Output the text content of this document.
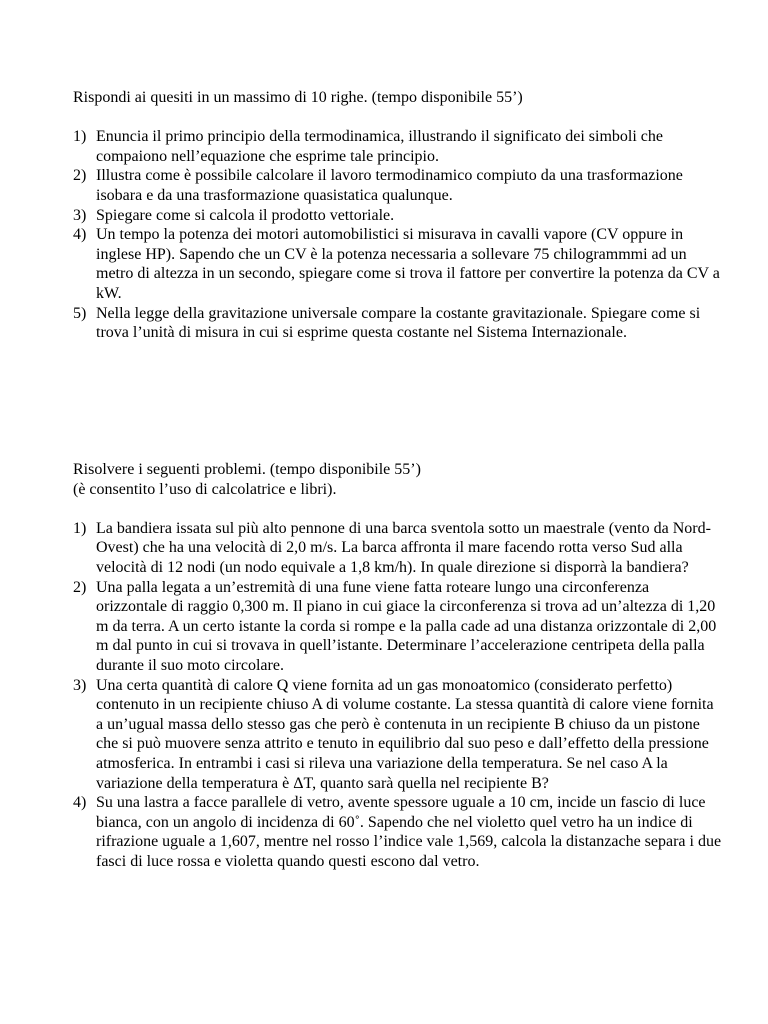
Rispondi ai quesiti in un massimo di 10 righe. (tempo disponibile 55’)

1) Enuncia il primo principio della termodinamica, illustrando il significato dei simboli che compaiono nell’equazione che esprime tale principio.
2) Illustra come è possibile calcolare il lavoro termodinamico compiuto da una trasformazione isobara e da una trasformazione quasistatica qualunque.
3) Spiegare come si calcola il prodotto vettoriale.
4) Un tempo la potenza dei motori automobilistici si misurava in cavalli vapore (CV oppure in inglese HP). Sapendo che un CV è la potenza necessaria a sollevare 75 chilogrammmi ad un metro di altezza in un secondo, spiegare come si trova il fattore per convertire la potenza da CV a kW.
5) Nella legge della gravitazione universale compare la costante gravitazionale. Spiegare come si trova l’unità di misura in cui si esprime questa costante nel Sistema Internazionale.

Risolvere i seguenti problemi. (tempo disponibile 55’)

(è consentito l’uso di calcolatrice e libri).

1) La bandiera issata sul più alto pennone di una barca sventola sotto un maestrale (vento da Nord-Ovest) che ha una velocità di 2,0 m/s. La barca affronta il mare facendo rotta verso Sud alla velocità di 12 nodi (un nodo equivale a 1,8 km/h). In quale direzione si disporrà la bandiera?
2) Una palla legata a un’estremità di una fune viene fatta roteare lungo una circonferenza orizzontale di raggio 0,300 m. Il piano in cui giace la circonferenza si trova ad un’altezza di 1,20 m da terra. A un certo istante la corda si rompe e la palla cade ad una distanza orizzontale di 2,00 m dal punto in cui si trovava in quell’istante. Determinare l’accelerazione centripeta della palla durante il suo moto circolare.
3) Una certa quantità di calore Q viene fornita ad un gas monoatomico (considerato perfetto) contenuto in un recipiente chiuso A di volume costante. La stessa quantità di calore viene fornita a un’ugual massa dello stesso gas che però è contenuta in un recipiente B chiuso da un pistone che si può muovere senza attrito e tenuto in equilibrio dal suo peso e dall’effetto della pressione atmosferica. In entrambi i casi si rileva una variazione della temperatura. Se nel caso A la variazione della temperatura è ΔT, quanto sarà quella nel recipiente B?
4) Su una lastra a facce parallele di vetro, avente spessore uguale a 10 cm, incide un fascio di luce bianca, con un angolo di incidenza di 60˚. Sapendo che nel violetto quel vetro ha un indice di rifrazione uguale a 1,607, mentre nel rosso l’indice vale 1,569, calcola la distanzache separa i due fasci di luce rossa e violetta quando questi escono dal vetro.
